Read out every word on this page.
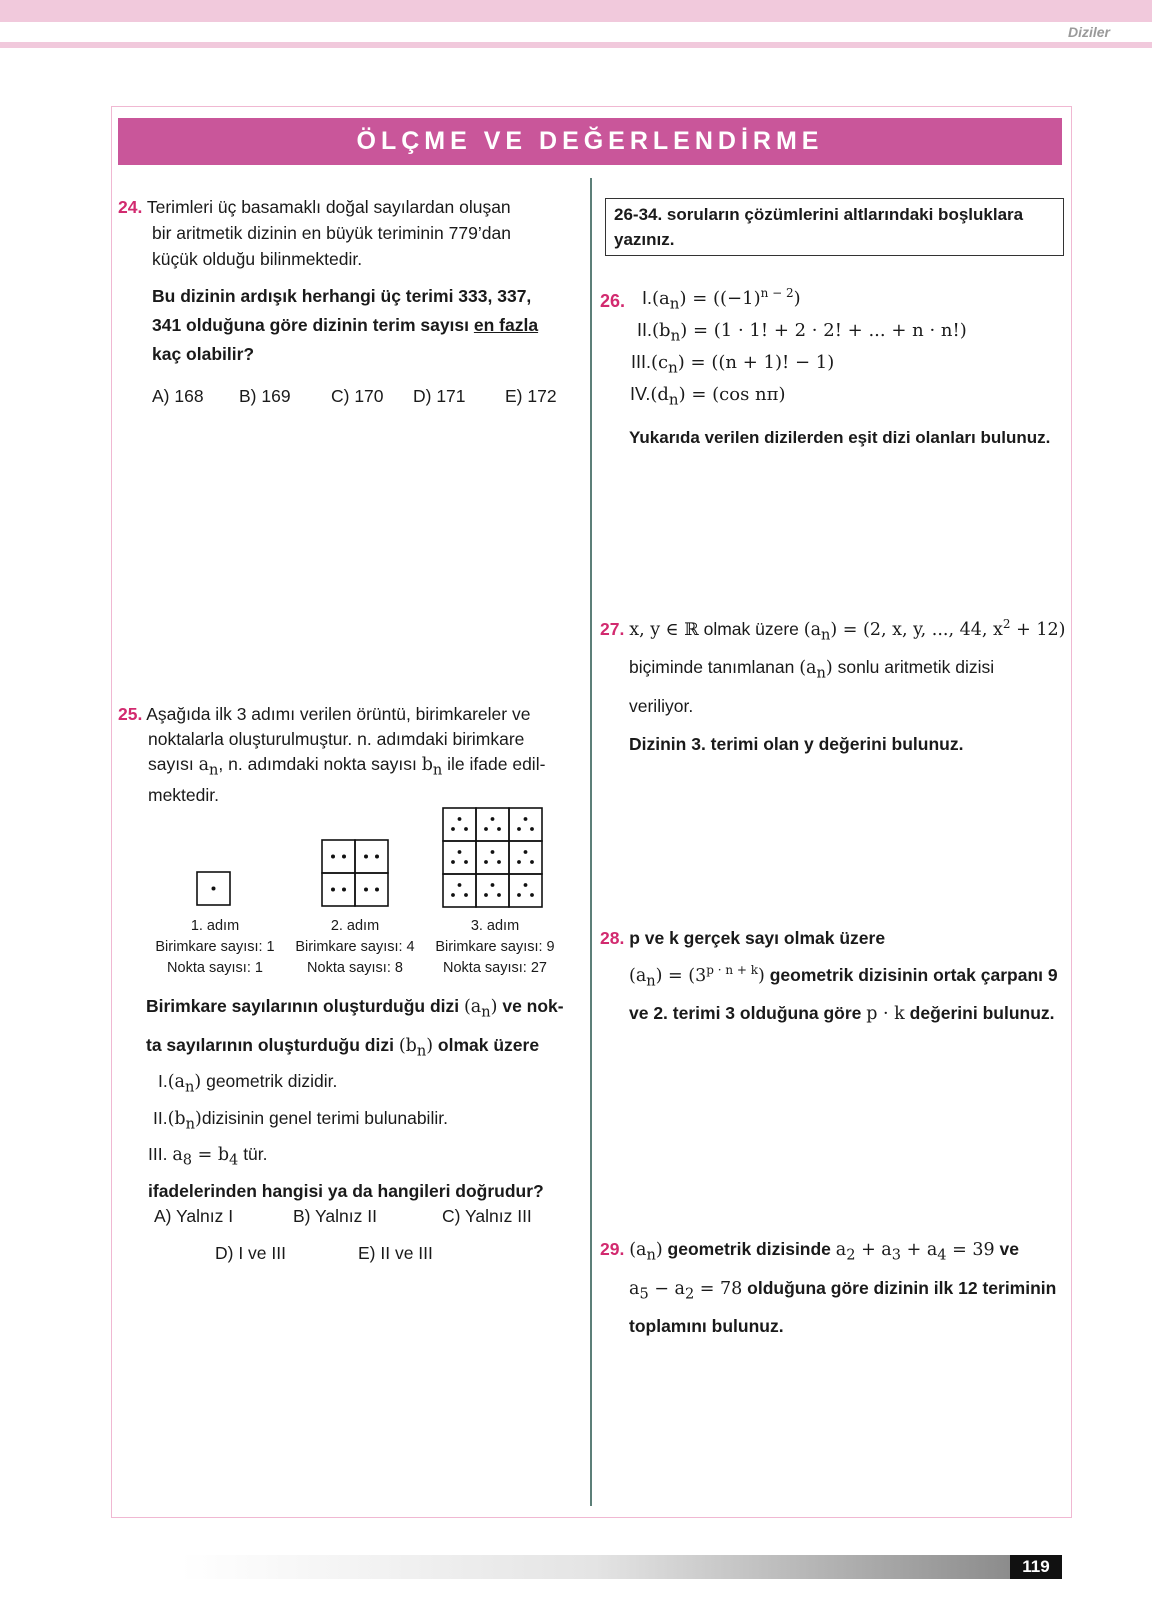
Diziler
ÖLÇME VE DEĞERLENDİRME
24. Terimleri üç basamaklı doğal sayılardan oluşan
bir aritmetik dizinin en büyük teriminin 779’dan
küçük olduğu bilinmektedir.
Bu dizinin ardışık herhangi üç terimi 333, 337,
341 olduğuna göre dizinin terim sayısı en fazla
kaç olabilir?
A) 168	B) 169	C) 170	D) 171	E) 172
25. Aşağıda ilk 3 adımı verilen örüntü, birimkareler ve
noktalarla oluşturulmuştur. n. adımdaki birimkare
sayısı $a_n$, n. adımdaki nokta sayısı $b_n$ ile ifade edil-
mektedir.
1. adım
Birimkare sayısı: 1
Nokta sayısı: 1
2. adım
Birimkare sayısı: 4
Nokta sayısı: 8
3. adım
Birimkare sayısı: 9
Nokta sayısı: 27
Birimkare sayılarının oluşturduğu dizi $(a_n)$ ve nok-
ta sayılarının oluşturduğu dizi $(b_n)$ olmak üzere
$I.(a_n)$ geometrik dizidir.
$II.(b_n)dizisinin$ genel terimi bulunabilir.
III. $a_8 = b_4$ tür.
ifadelerinden hangisi ya da hangileri doğrudur?
A) Yalnız I	B) Yalnız II	C) Yalnız III
D) I ve III	E) II ve III
26-34. soruların çözümlerini altlarındaki boşluklara
yazınız.
26. $I.(a_n) = ((-1)^{n - 2})$
$II.(b_n) = (1 \cdot 1$! + 2 · 2! + ... + n · n!)
$III.(c_n) = ((n + 1)$! − 1)
$IV.(d_n) = (\cos$ nπ)
Yukarıda verilen dizilerden eşit dizi olanları bulunuz.
27. x, y ∈ ℝ olmak üzere $(a_n) = (2$, x, y, ..., 44, $x^2 + 12$)
biçiminde tanımlanan $(a_n)$ sonlu aritmetik dizisi
veriliyor.
Dizinin 3. terimi olan y değerini bulunuz.
28. p ve k gerçek sayı olmak üzere
$(a_n) = (3^{p \cdot n + k})$ geometrik dizisinin ortak çarpanı 9
ve 2. terimi 3 olduğuna göre p · k değerini bulunuz.
29. $(a_n)$ geometrik dizisinde $a_2 + a_3 + a_4 = 39$ ve
$a_5 - a_2 = 78$ olduğuna göre dizinin ilk 12 teriminin
toplamını bulunuz.
119
